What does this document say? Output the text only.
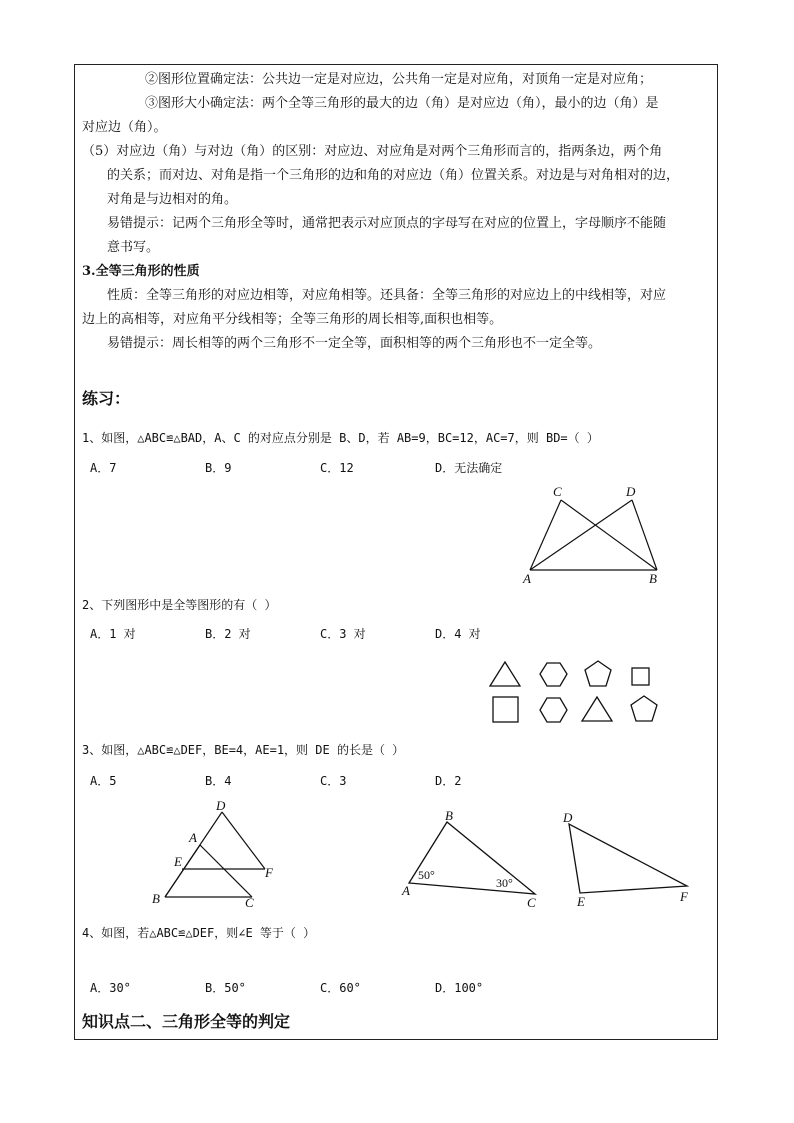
②图形位置确定法：公共边一定是对应边，公共角一定是对应角，对顶角一定是对应角；

③图形大小确定法：两个全等三角形的最大的边（角）是对应边（角），最小的边（角）是

对应边（角）。

（5）对应边（角）与对边（角）的区别：对应边、对应角是对两个三角形而言的，指两条边，两个角

的关系；而对边、对角是指一个三角形的边和角的对应边（角）位置关系。对边是与对角相对的边，

对角是与边相对的角。

易错提示：记两个三角形全等时，通常把表示对应顶点的字母写在对应的位置上，字母顺序不能随

意书写。

3.全等三角形的性质

性质：全等三角形的对应边相等，对应角相等。还具备：全等三角形的对应边上的中线相等，对应

边上的高相等，对应角平分线相等；全等三角形的周长相等,面积也相等。

易错提示：周长相等的两个三角形不一定全等，面积相等的两个三角形也不一定全等。

练习：

1、如图，△ABC≌△BAD，A、C 的对应点分别是 B、D，若 AB=9，BC=12，AC=7，则 BD=（ ）

A．7	B．9	C．12	D．无法确定

C	D
A	B

2、下列图形中是全等图形的有（ ）

A．1 对	B．2 对	C．3 对	D．4 对

3、如图，△ABC≌△DEF，BE=4，AE=1，则 DE 的长是（ ）

A．5	B．4	C．3	D．2

D
A
E
F
B	C
B
A
C
50°
30°
D
E	F

4、如图，若△ABC≌△DEF，则∠E 等于（ ）

A．30°	B．50°	C．60°	D．100°

知识点二、三角形全等的判定
